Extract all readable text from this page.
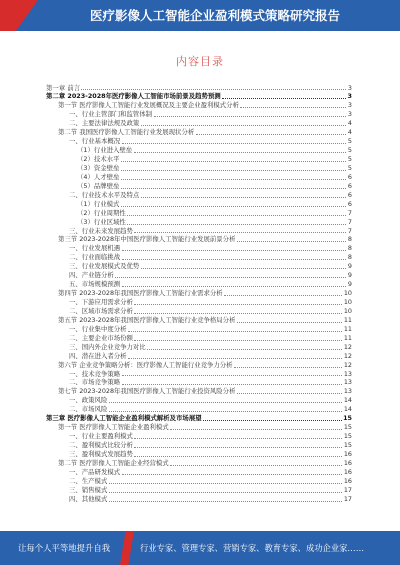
医疗影像人工智能企业盈利模式策略研究报告
内容目录
第一章 前言	3
第二章 2023-2028年医疗影像人工智能市场前景及趋势预测	3
第一节 医疗影像人工智能行业发展概况及主要企业盈利模式分析	3
一、行业主管部门和监管体制	3
二、主要法律法规及政策	4
第二节 我国医疗影像人工智能行业发展现状分析	4
一、行业基本概况	5
（1）行业进入壁垒	5
（2）技术水平	5
（3）资金壁垒	5
（4）人才壁垒	6
（5）品牌壁垒	6
二、行业技术水平及特点	6
（1）行业模式	6
（2）行业周期性	7
（3）行业区域性	7
三、行业未来发展趋势	7
第三节 2023-2028年中国医疗影像人工智能行业发展前景分析	8
一、行业发展机遇	8
二、行业面临挑战	8
三、行业发展模式及优势	9
四、产业链分析	9
五、市场规模预测	9
第四节 2023-2028年我国医疗影像人工智能行业需求分析	10
一、下游应用需求分析	10
二、区域市场需求分析	10
第五节 2023-2028年我国医疗影像人工智能行业竞争格局分析	11
一、行业集中度分析	11
二、主要企业市场份额	11
三、国内外企业竞争力对比	12
四、潜在进入者分析	12
第六节 企业竞争策略分析：医疗影像人工智能行业竞争力分析	12
一、技术竞争策略	13
二、市场竞争策略	13
第七节 2023-2028年我国医疗影像人工智能行业投资风险分析	13
一、政策风险	14
二、市场风险	14
第三章 医疗影像人工智能企业盈利模式解析及市场展望	15
第一节 医疗影像人工智能企业盈利模式	15
一、行业主要盈利模式	15
二、盈利模式比较分析	15
三、盈利模式发展趋势	16
第二节 医疗影像人工智能企业经营模式	16
一、产品研发模式	16
二、生产模式	16
三、销售模式	17
四、其他模式	17
让每个人平等地提升自我	行业专家、管理专家、营销专家、教育专家、成功企业家……
